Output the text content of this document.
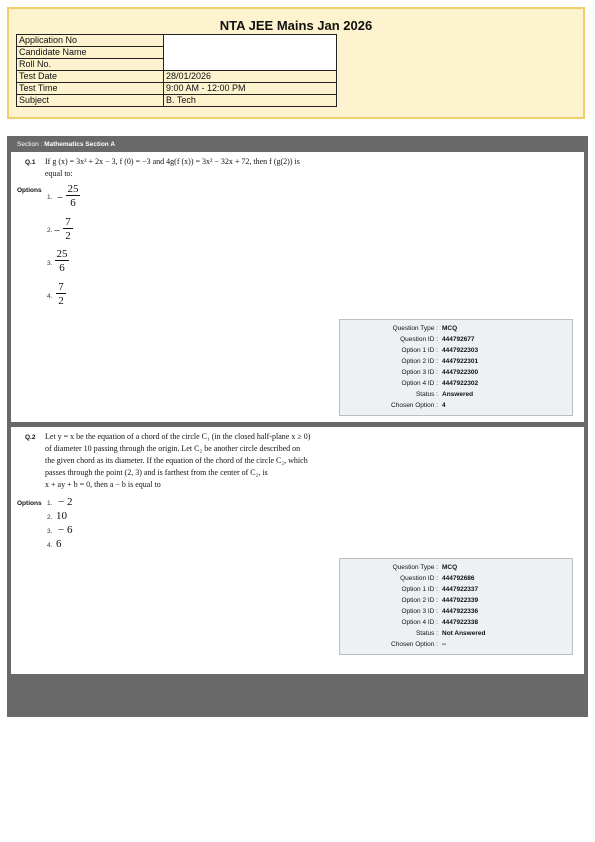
NTA JEE Mains Jan 2026
Application No	
Candidate Name	
Roll No.	
Test Date	28/01/2026
Test Time	9:00 AM - 12:00 PM
Subject	B. Tech
Section : Mathematics Section A
Q.1 If g (x) = 3x² + 2x − 3, f (0) = −3 and 4g(f (x)) = 3x² − 32x + 72, then f (g(2)) is
equal to:
Options
1. −
25
6
2. −
7
2
3. $\frac{25}{6}$
4. $\frac{7}{2}$
Question Type : MCQ
Question ID : 444792677
Option 1 ID : 4447922303
Option 2 ID : 4447922301
Option 3 ID : 4447922300
Option 4 ID : 4447922302
Status : Answered
Chosen Option : 4
Q.2 Let y = x be the equation of a chord of the circle C₁ (in the closed half-plane x ≥ 0)
of diameter 10 passing through the origin. Let C₂ be another circle described on
the given chord as its diameter. If the equation of the chord of the circle C₂, which
passes through the point (2, 3) and is farthest from the center of C₂, is
x + ay + b = 0, then a − b is equal to
Options 1. − 2
2. 10
3. − 6
4. 6
Question Type : MCQ
Question ID : 444792686
Option 1 ID : 4447922337
Option 2 ID : 4447922339
Option 3 ID : 4447922336
Option 4 ID : 4447922338
Status : Not Answered
Chosen Option : --
